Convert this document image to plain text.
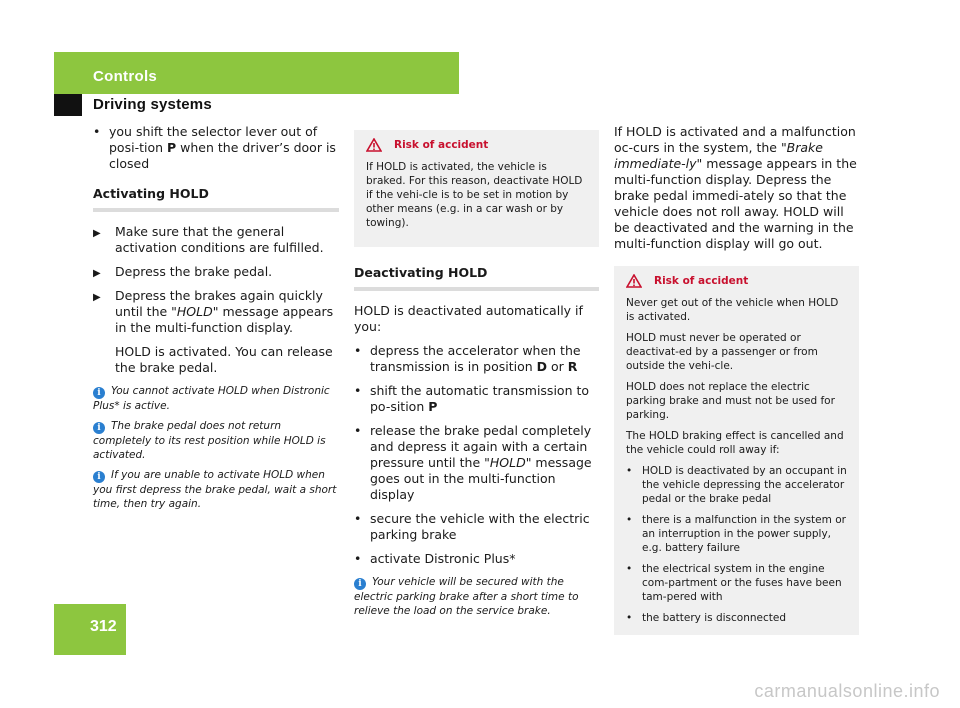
Controls
Driving systems
• you shift the selector lever out of posi-tion P when the driver’s door is closed
Activating HOLD
▶ Make sure that the general activation conditions are fulfilled.
▶ Depress the brake pedal.
▶ Depress the brakes again quickly until the "HOLD" message appears in the multi-function display.
HOLD is activated. You can release the brake pedal.
i You cannot activate HOLD when Distronic Plus* is active.
i The brake pedal does not return completely to its rest position while HOLD is activated.
i If you are unable to activate HOLD when you first depress the brake pedal, wait a short time, then try again.
Risk of accident

If HOLD is activated, the vehicle is braked. For this reason, deactivate HOLD if the vehi-cle is to be set in motion by other means (e.g. in a car wash or by towing).

Deactivating HOLD
HOLD is deactivated automatically if you:
• depress the accelerator when the transmission is in position D or R
• shift the automatic transmission to po-sition P
• release the brake pedal completely and depress it again with a certain pressure until the "HOLD" message goes out in the multi-function display
• secure the vehicle with the electric parking brake
• activate Distronic Plus*
i Your vehicle will be secured with the electric parking brake after a short time to relieve the load on the service brake.

If HOLD is activated and a malfunction oc-curs in the system, the "Brake immediate-ly" message appears in the multi-function display. Depress the brake pedal immedi-ately so that the vehicle does not roll away. HOLD will be deactivated and the warning in the multi-function display will go out.

Risk of accident

Never get out of the vehicle when HOLD is activated.

HOLD must never be operated or deactivat-ed by a passenger or from outside the vehi-cle.

HOLD does not replace the electric parking brake and must not be used for parking.

The HOLD braking effect is cancelled and the vehicle could roll away if:

• HOLD is deactivated by an occupant in the vehicle depressing the accelerator pedal or the brake pedal
• there is a malfunction in the system or an interruption in the power supply, e.g. battery failure
• the electrical system in the engine com-partment or the fuses have been tam-pered with
• the battery is disconnected
312
carmanualsonline.info
